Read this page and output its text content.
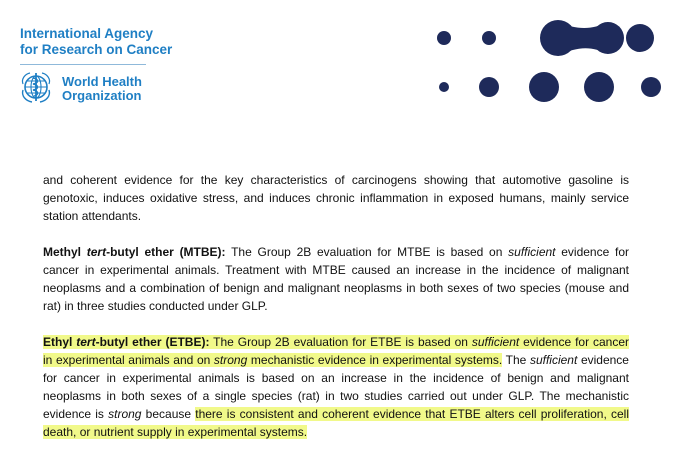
International Agency
for Research on Cancer
World Health
Organization

and coherent evidence for the key characteristics of carcinogens showing that automotive gasoline is genotoxic, induces oxidative stress, and induces chronic inflammation in exposed humans, mainly service station attendants.

Methyl tert-butyl ether (MTBE): The Group 2B evaluation for MTBE is based on sufficient evidence for cancer in experimental animals. Treatment with MTBE caused an increase in the incidence of malignant neoplasms and a combination of benign and malignant neoplasms in both sexes of two species (mouse and rat) in three studies conducted under GLP.

Ethyl tert-butyl ether (ETBE): The Group 2B evaluation for ETBE is based on sufficient evidence for cancer in experimental animals and on strong mechanistic evidence in experimental systems. The sufficient evidence for cancer in experimental animals is based on an increase in the incidence of benign and malignant neoplasms in both sexes of a single species (rat) in two studies carried out under GLP. The mechanistic evidence is strong because there is consistent and coherent evidence that ETBE alters cell proliferation, cell death, or nutrient supply in experimental systems.
